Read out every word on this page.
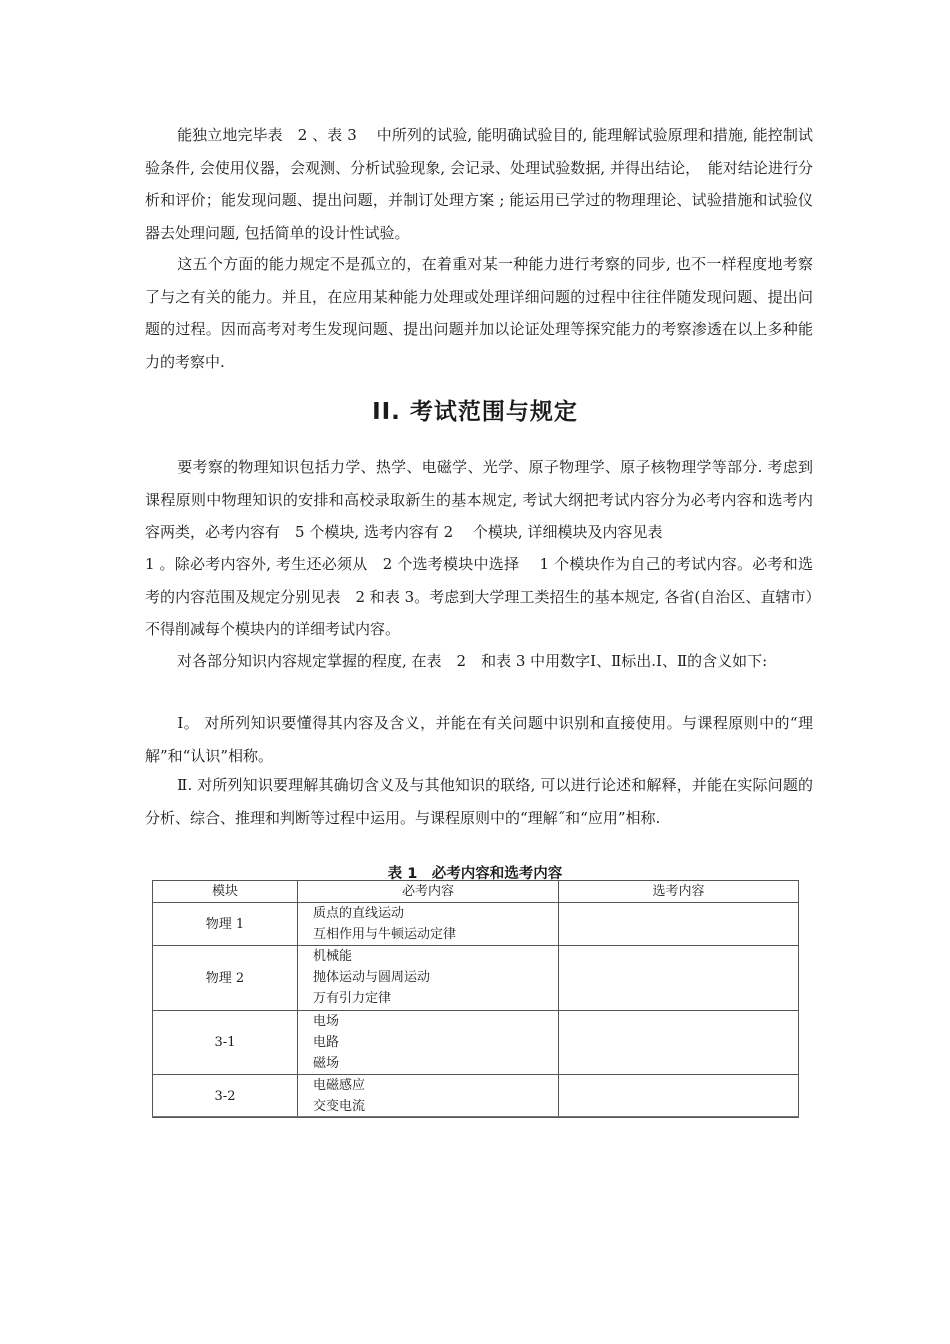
能独立地完毕表　2 、表 3　 中所列的试验, 能明确试验目的, 能理解试验原理和措施, 能控制试验条件, 会使用仪器，会观测、分析试验现象, 会记录、处理试验数据, 并得出结论，　能对结论进行分析和评价；能发现问题、提出问题，并制订处理方案 ; 能运用已学过的物理理论、试验措施和试验仪器去处理问题, 包括简单的设计性试验。

这五个方面的能力规定不是孤立的，在着重对某一种能力进行考察的同步, 也不一样程度地考察了与之有关的能力。并且，在应用某种能力处理或处理详细问题的过程中往往伴随发现问题、提出问题的过程。因而高考对考生发现问题、提出问题并加以论证处理等探究能力的考察渗透在以上多种能力的考察中.

ΙΙ. 考试范围与规定

要考察的物理知识包括力学、热学、电磁学、光学、原子物理学、原子核物理学等部分. 考虑到课程原则中物理知识的安排和高校录取新生的基本规定, 考试大纲把考试内容分为必考内容和选考内容两类，必考内容有　5 个模块, 选考内容有 2　 个模块, 详细模块及内容见表

1 。除必考内容外, 考生还必须从　2 个选考模块中选择　 1 个模块作为自己的考试内容。必考和选考的内容范围及规定分别见表　2 和表 3。考虑到大学理工类招生的基本规定, 各省(自治区、直辖市）不得削减每个模块内的详细考试内容。

对各部分知识内容规定掌握的程度, 在表　2　和表 3 中用数字Ⅰ、Ⅱ标出.Ⅰ、Ⅱ的含义如下:

Ⅰ。 对所列知识要懂得其内容及含义，并能在有关问题中识别和直接使用。与课程原则中的“理解”和“认识”相称。

Ⅱ. 对所列知识要理解其确切含义及与其他知识的联络, 可以进行论述和解释，并能在实际问题的分析、综合、推理和判断等过程中运用。与课程原则中的“理解˝和“应用”相称.

表 1　必考内容和选考内容
模块	必考内容	选考内容
物理 1	质点的直线运动
互相作用与牛顿运动定律	

物理 2	机械能
抛体运动与圆周运动
万有引力定律	

3-1	电场
电路
磁场	

3-2	电磁感应
交变电流	
